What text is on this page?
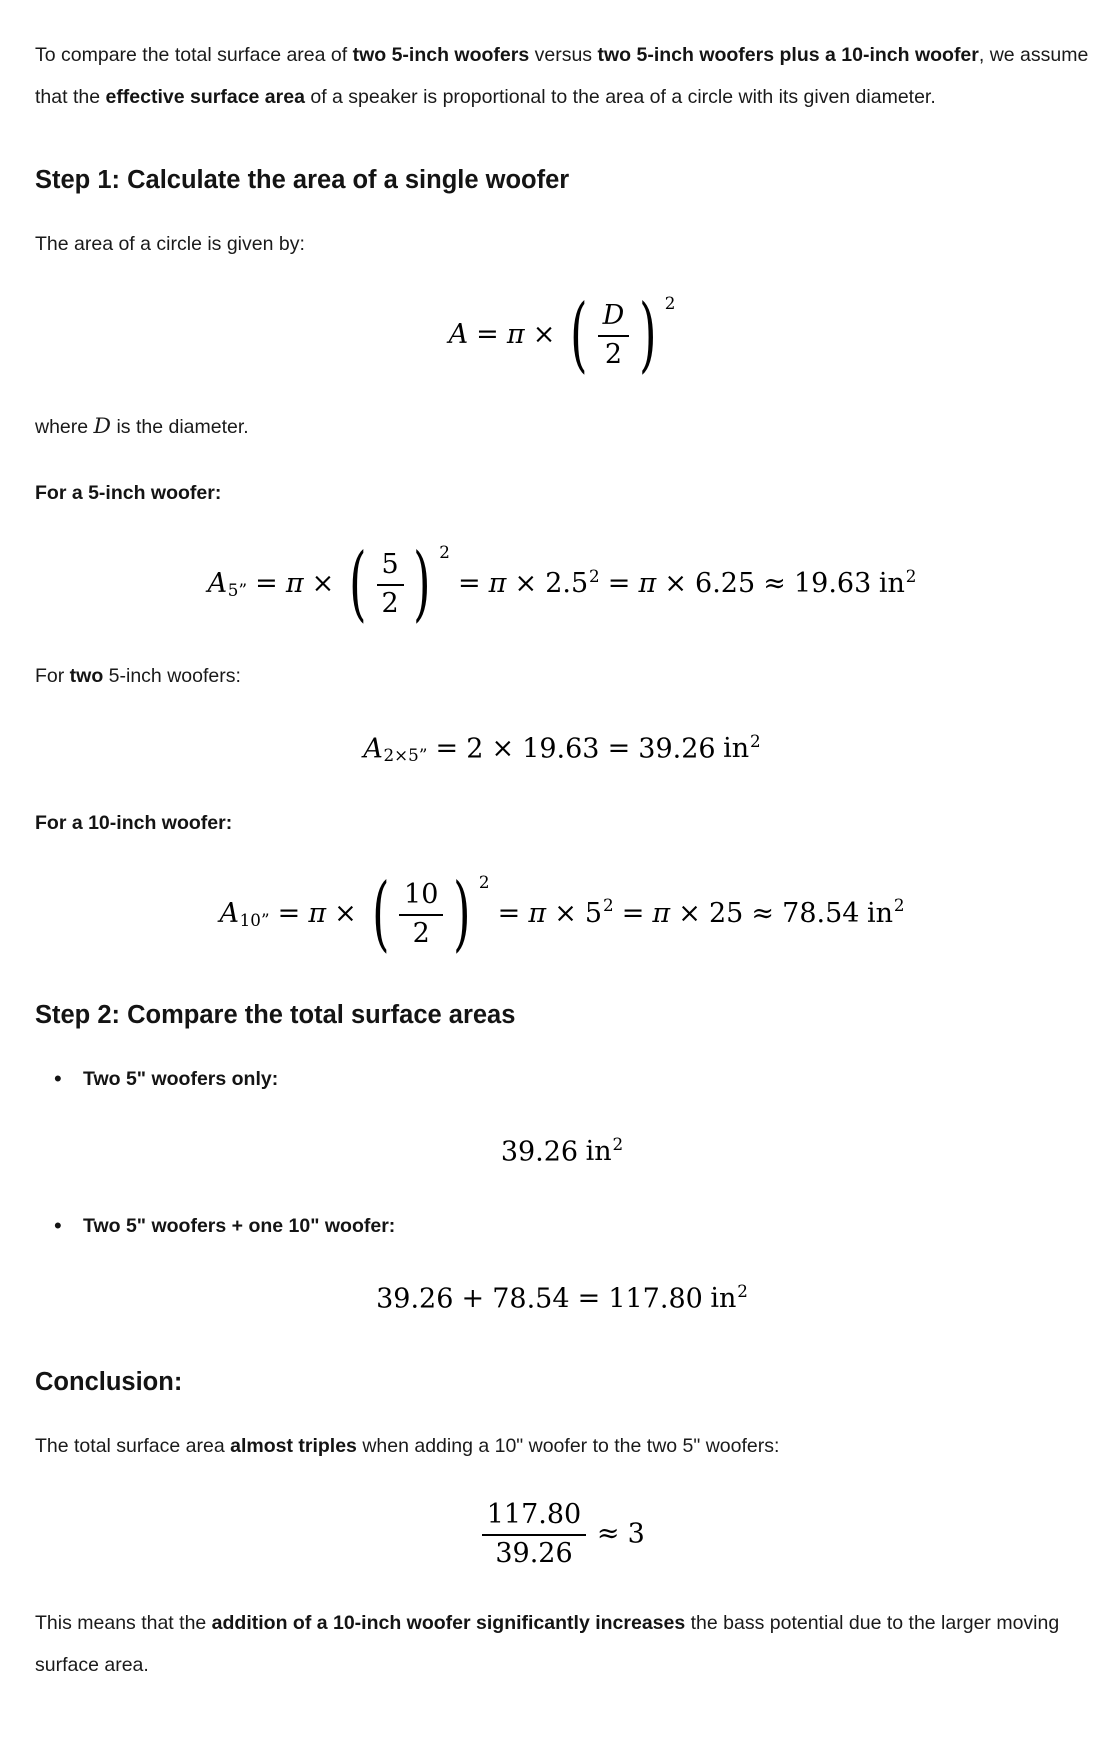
To compare the total surface area of two 5-inch woofers versus two 5-inch woofers plus a 10-inch woofer, we assume that the effective surface area of a speaker is proportional to the area of a circle with its given diameter.

Step 1: Calculate the area of a single woofer

The area of a circle is given by:

A = π × ( $\frac{D}{2}$ ) 2

where D is the diameter.

For a 5-inch woofer:

A5” = π × ( $\frac{5}{2}$ ) 2
= $\pi \times 2.5^2 = \pi \times 6.25 \approx 19.63$ $in^2$

For two 5-inch woofers:

A2×5” = 2 × 19.63 = 39.26 $in^2$

For a 10-inch woofer:

A10” = π × ( $\frac{10}{2}$ ) 2
= $\pi \times 5^2 = \pi \times 25 \approx 78.54$ $in^2$
Step 2: Compare the total surface areas
• Two 5" woofers only:
39.26 $in^2$
• Two 5" woofers + one 10" woofer:
39.26 + 78.54 = 117.80 $in^2$
Conclusion:

The total surface area almost triples when adding a 10" woofer to the two 5" woofers:

$\frac{117.80}{39.26} \approx 3$

This means that the addition of a 10-inch woofer significantly increases the bass potential due to the larger moving surface area.
